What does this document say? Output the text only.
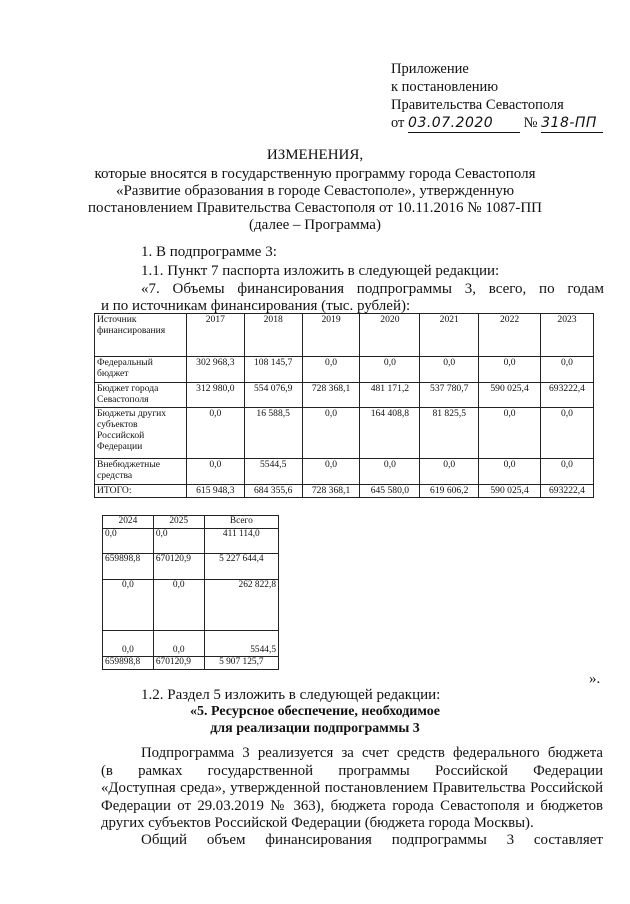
Приложение
к постановлению
Правительства Севастополя
от 03.07.2020 № 318-ПП
ИЗМЕНЕНИЯ,
которые вносятся в государственную программу города Севастополя
«Развитие образования в городе Севастополе», утвержденную
постановлением Правительства Севастополя от 10.11.2016 № 1087-ПП
(далее – Программа)
1. В подпрограмме 3:
1.1. Пункт 7 паспорта изложить в следующей редакции:
«7. Объемы финансирования подпрограммы 3, всего, по годам
и по источникам финансирования (тыс. рублей):
Источник финансирования	2017	2018	2019	2020	2021	2022	2023
Федеральный бюджет	302 968,3	108 145,7	0,0	0,0	0,0	0,0	0,0
Бюджет города Севастополя	312 980,0	554 076,9	728 368,1	481 171,2	537 780,7	590 025,4	693222,4
Бюджеты других субъектов Российской Федерации	0,0	16 588,5	0,0	164 408,8	81 825,5	0,0	0,0
Внебюджетные средства	0,0	5544,5	0,0	0,0	0,0	0,0	0,0
ИТОГО:	615 948,3	684 355,6	728 368,1	645 580,0	619 606,2	590 025,4	693222,4
2024	2025	Всего
0,0	0,0	411 114,0
659898,8	670120,9	5 227 644,4
0,0	0,0	262 822,8
0,0	0,0	5544,5
659898,8	670120,9	5 907 125,7
».
1.2. Раздел 5 изложить в следующей редакции:
«5. Ресурсное обеспечение, необходимое
для реализации подпрограммы 3
Подпрограмма 3 реализуется за счет средств федерального бюджета
(в рамках государственной программы Российской Федерации
«Доступная среда», утвержденной постановлением Правительства Российской
Федерации от 29.03.2019 № 363), бюджета города Севастополя и бюджетов
других субъектов Российской Федерации (бюджета города Москвы).
Общий объем финансирования подпрограммы 3 составляет
